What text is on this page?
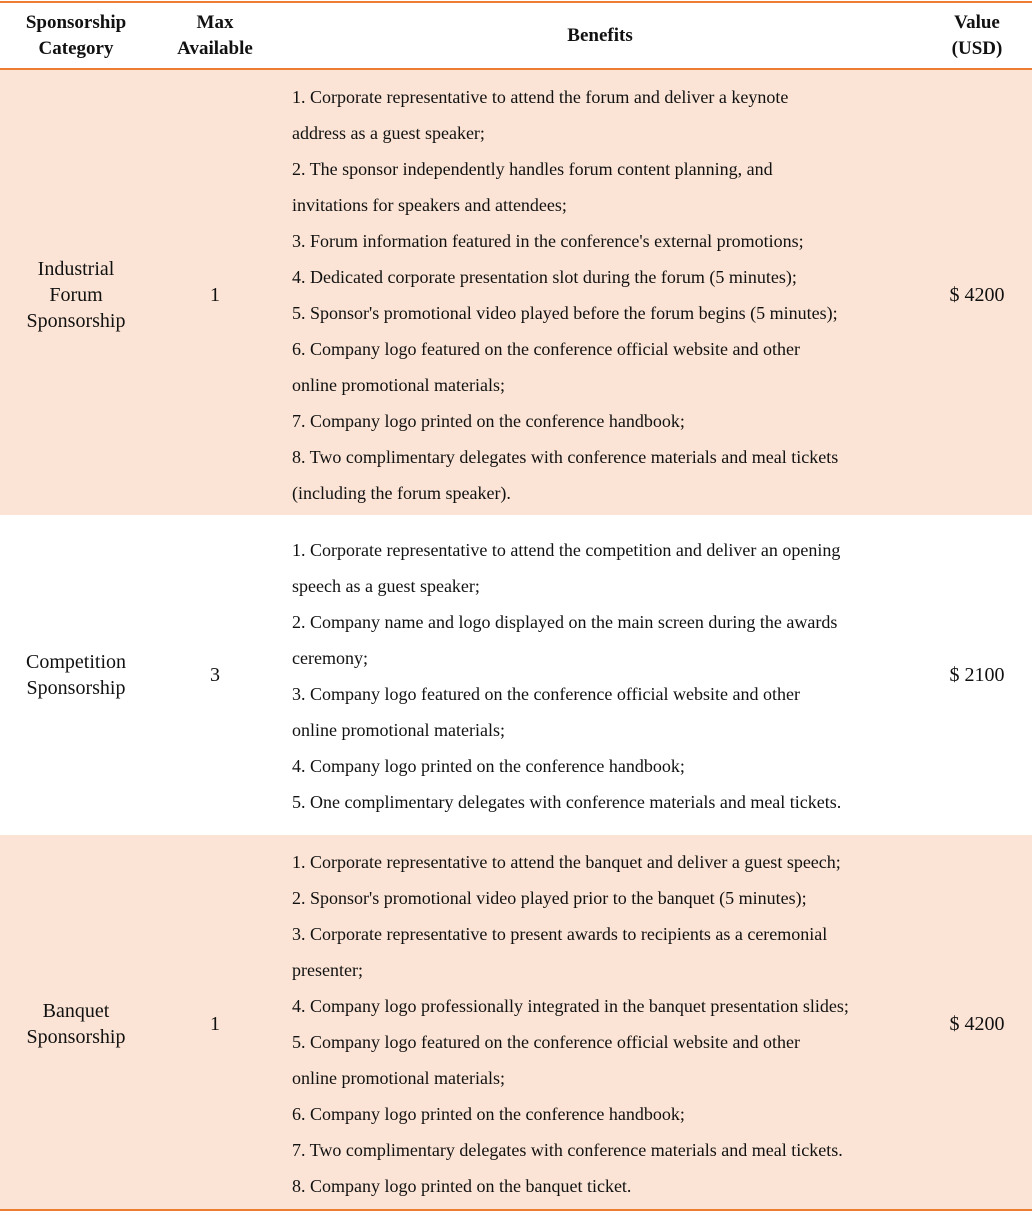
Sponsorship
Category
Max
Available
Benefits
Value
(USD)
Industrial
Forum
Sponsorship
1
1. Corporate representative to attend the forum and deliver a keynote
address as a guest speaker;
2. The sponsor independently handles forum content planning, and
invitations for speakers and attendees;
3. Forum information featured in the conference's external promotions;
4. Dedicated corporate presentation slot during the forum (5 minutes);
5. Sponsor's promotional video played before the forum begins (5 minutes);
6. Company logo featured on the conference official website and other
online promotional materials;
7. Company logo printed on the conference handbook;
8. Two complimentary delegates with conference materials and meal tickets
(including the forum speaker).
$ 4200
Competition
Sponsorship
3
1. Corporate representative to attend the competition and deliver an opening
speech as a guest speaker;
2. Company name and logo displayed on the main screen during the awards
ceremony;
3. Company logo featured on the conference official website and other
online promotional materials;
4. Company logo printed on the conference handbook;
5. One complimentary delegates with conference materials and meal tickets.
$ 2100
Banquet
Sponsorship
1
1. Corporate representative to attend the banquet and deliver a guest speech;
2. Sponsor's promotional video played prior to the banquet (5 minutes);
3. Corporate representative to present awards to recipients as a ceremonial
presenter;
4. Company logo professionally integrated in the banquet presentation slides;
5. Company logo featured on the conference official website and other
online promotional materials;
6. Company logo printed on the conference handbook;
7. Two complimentary delegates with conference materials and meal tickets.
8. Company logo printed on the banquet ticket.
$ 4200
